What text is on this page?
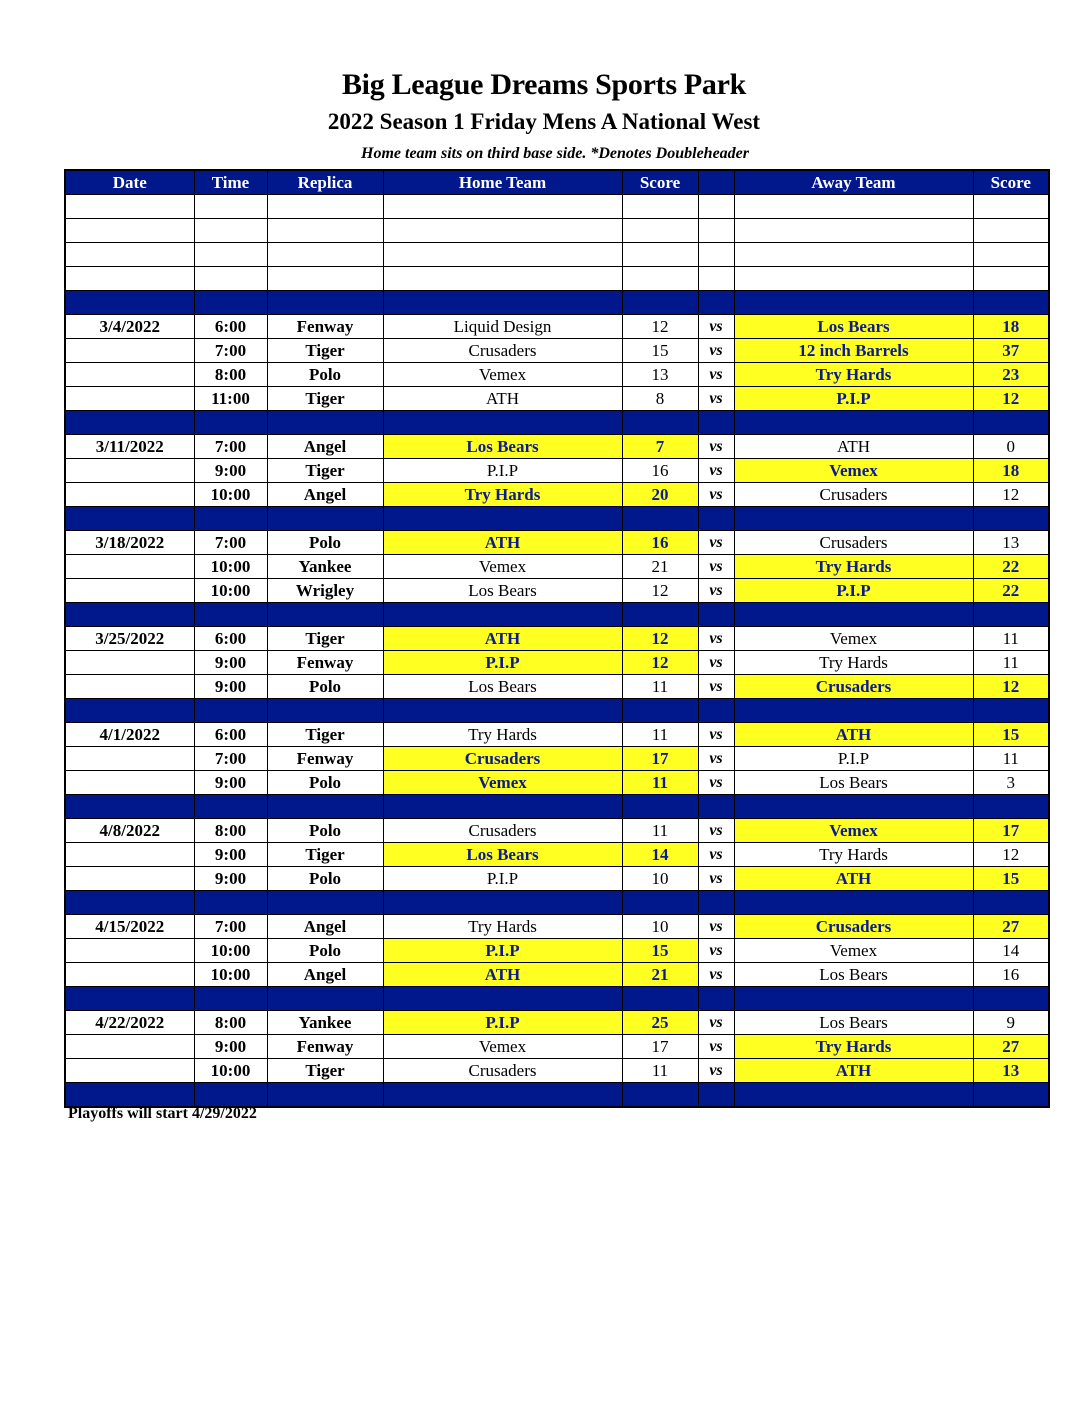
Big League Dreams Sports Park
2022 Season 1 Friday Mens A National West
Home team sits on third base side. *Denotes Doubleheader
Date	Time	Replica	Home Team	Score		Away Team	Score

3/4/2022	6:00	Fenway	Liquid Design	12	vs	Los Bears	18
	7:00	Tiger	Crusaders	15	vs	12 inch Barrels	37
	8:00	Polo	Vemex	13	vs	Try Hards	23
	11:00	Tiger	ATH	8	vs	P.I.P	12

3/11/2022	7:00	Angel	Los Bears	7	vs	ATH	0
	9:00	Tiger	P.I.P	16	vs	Vemex	18
	10:00	Angel	Try Hards	20	vs	Crusaders	12

3/18/2022	7:00	Polo	ATH	16	vs	Crusaders	13
	10:00	Yankee	Vemex	21	vs	Try Hards	22
	10:00	Wrigley	Los Bears	12	vs	P.I.P	22

3/25/2022	6:00	Tiger	ATH	12	vs	Vemex	11
	9:00	Fenway	P.I.P	12	vs	Try Hards	11
	9:00	Polo	Los Bears	11	vs	Crusaders	12

4/1/2022	6:00	Tiger	Try Hards	11	vs	ATH	15
	7:00	Fenway	Crusaders	17	vs	P.I.P	11
	9:00	Polo	Vemex	11	vs	Los Bears	3

4/8/2022	8:00	Polo	Crusaders	11	vs	Vemex	17
	9:00	Tiger	Los Bears	14	vs	Try Hards	12
	9:00	Polo	P.I.P	10	vs	ATH	15

4/15/2022	7:00	Angel	Try Hards	10	vs	Crusaders	27
	10:00	Polo	P.I.P	15	vs	Vemex	14
	10:00	Angel	ATH	21	vs	Los Bears	16

4/22/2022	8:00	Yankee	P.I.P	25	vs	Los Bears	9
	9:00	Fenway	Vemex	17	vs	Try Hards	27
	10:00	Tiger	Crusaders	11	vs	ATH	13

Playoffs will start 4/29/2022
